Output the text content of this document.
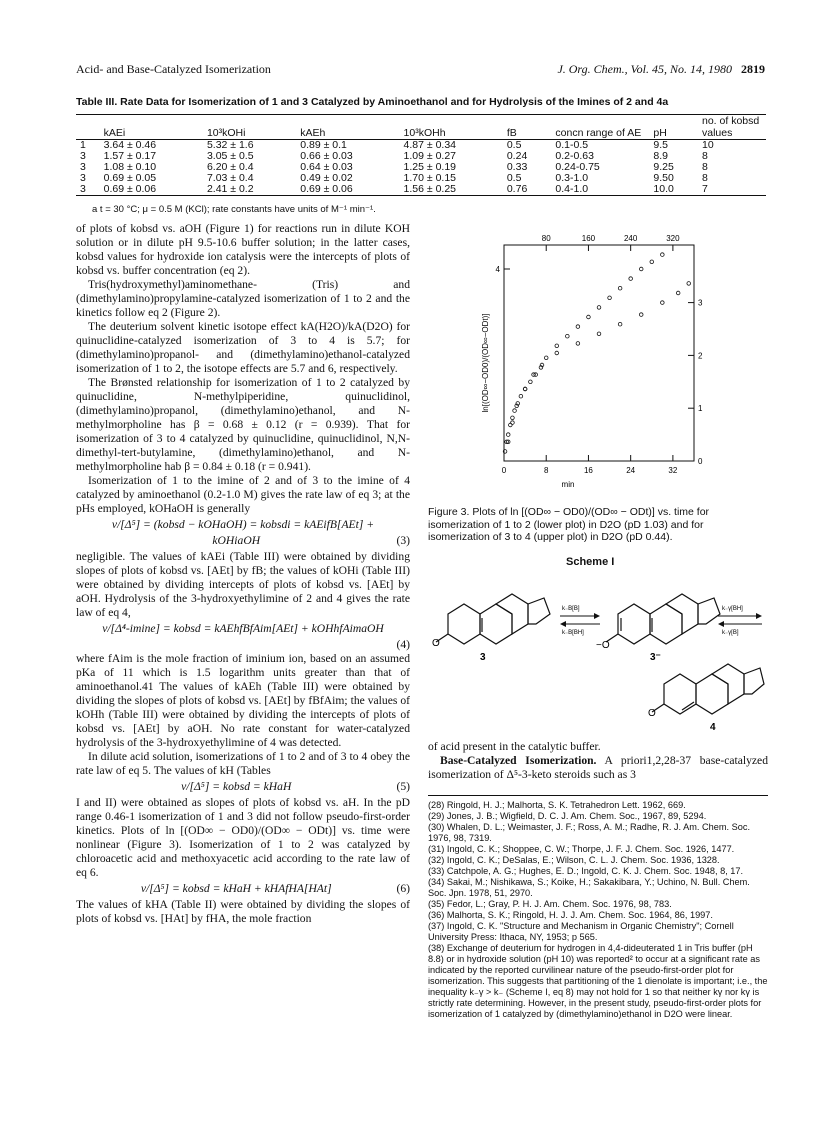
Acid- and Base-Catalyzed Isomerization	J. Org. Chem., Vol. 45, No. 14, 1980 2819
Table III. Rate Data for Isomerization of 1 and 3 Catalyzed by Aminoethanol and for Hydrolysis of the Imines of 2 and 4a
	kAEi	10³kOHi	kAEh	10³kOHh	fB	concn range of AE	pH	no. of kobsd values
1	3.64 ± 0.46	5.32 ± 1.6	0.89 ± 0.1	4.87 ± 0.34	0.5	0.1-0.5	9.5	10
3	1.57 ± 0.17	3.05 ± 0.5	0.66 ± 0.03	1.09 ± 0.27	0.24	0.2-0.63	8.9	8
3	1.08 ± 0.10	6.20 ± 0.4	0.64 ± 0.03	1.25 ± 0.19	0.33	0.24-0.75	9.25	8
3	0.69 ± 0.05	7.03 ± 0.4	0.49 ± 0.02	1.70 ± 0.15	0.5	0.3-1.0	9.50	8
3	0.69 ± 0.06	2.41 ± 0.2	0.69 ± 0.06	1.56 ± 0.25	0.76	0.4-1.0	10.0	7
a t = 30 °C; μ = 0.5 M (KCl); rate constants have units of M⁻¹ min⁻¹.

of plots of kobsd vs. aOH (Figure 1) for reactions run in dilute KOH solution or in dilute pH 9.5-10.6 buffer solution; in the latter cases, kobsd values for hydroxide ion catalysis were the intercepts of plots of kobsd vs. buffer concentration (eq 2).

Tris(hydroxymethyl)aminomethane- (Tris) and (dimethylamino)propylamine-catalyzed isomerization of 1 to 2 and the kinetics follow eq 2 (Figure 2).

The deuterium solvent kinetic isotope effect kA(H2O)/kA(D2O) for quinuclidine-catalyzed isomerization of 3 to 4 is 5.7; for (dimethylamino)propanol- and (dimethylamino)ethanol-catalyzed isomerization of 1 to 2, the isotope effects are 5.7 and 6, respectively.

The Brønsted relationship for isomerization of 1 to 2 catalyzed by quinuclidine, N-methylpiperidine, quinuclidinol, (dimethylamino)propanol, (dimethylamino)ethanol, and N-methylmorpholine has β = 0.68 ± 0.12 (r = 0.939). That for isomerization of 3 to 4 catalyzed by quinuclidine, quinuclidinol, N,N-dimethyl-tert-butylamine, (dimethylamino)ethanol, and N-methylmorpholine hab β = 0.84 ± 0.18 (r = 0.941).

Isomerization of 1 to the imine of 2 and of 3 to the imine of 4 catalyzed by aminoethanol (0.2-1.0 M) gives the rate law of eq 3; at the pHs employed, kOHaOH is generally

v/[Δ⁵] = (kobsd − kOHaOH) = kobsdi = kAEifB[AEt] +
kOHiaOH	(3)

negligible. The values of kAEi (Table III) were obtained by dividing slopes of plots of kobsd vs. [AEt] by fB; the values of kOHi (Table III) were obtained by dividing intercepts of plots of kobsd vs. [AEt] by aOH. Hydrolysis of the 3-hydroxyethylimine of 2 and 4 gives the rate law of eq 4,

v/[Δ⁴-imine] = kobsd = kAEhfBfAim[AEt] + kOHhfAimaOH
(4)

where fAim is the mole fraction of iminium ion, based on an assumed pKa of 11 which is 1.5 logarithm units greater than that of aminoethanol.41 The values of kAEh (Table III) were obtained by dividing the slopes of plots of kobsd vs. [AEt] by fBfAim; the values of kOHh (Table III) were obtained by dividing the intercepts of plots of kobsd vs. [AEt] by aOH. No rate constant for water-catalyzed hydrolysis of the 3-hydroxyethylimine of 4 was detected.

In dilute acid solution, isomerizations of 1 to 2 and of 3 to 4 obey the rate law of eq 5. The values of kH (Tables

v/[Δ⁵] = kobsd = kHaH	(5)

I and II) were obtained as slopes of plots of kobsd vs. aH. In the pD range 0.46-1 isomerization of 1 and 3 did not follow pseudo-first-order kinetics. Plots of ln [(OD∞ − OD0)/(OD∞ − ODt)] vs. time were nonlinear (Figure 3). Isomerization of 1 to 2 was catalyzed by chloroacetic acid and methoxyacetic acid according to the rate law of eq 6.

v/[Δ⁵] = kobsd = kHaH + kHAfHA[HAt]	(6)

The values of kHA (Table II) were obtained by dividing the slopes of plots of kobsd vs. [HAt] by fHA, the mole fraction

0	8	16	24	32
80	160	240	320
4
3
2
1
0
ln[(OD∞−OD0)/(OD∞−ODt)]
min
Figure 3. Plots of ln [(OD∞ − OD0)/(OD∞ − ODt)] vs. time for isomerization of 1 to 2 (lower plot) in D2O (pD 1.03) and for isomerization of 3 to 4 (upper plot) in D2O (pD 0.44).
Scheme I
O
3
k₋B[B]
k₋B[BH]
−O
3⁻
k₋γ[BH]
k₋γ[B]
O
4

of acid present in the catalytic buffer.

Base-Catalyzed Isomerization. A priori1,2,28-37 base-catalyzed isomerization of Δ⁵-3-keto steroids such as 3

(28) Ringold, H. J.; Malhorta, S. K. Tetrahedron Lett. 1962, 669.

(29) Jones, J. B.; Wigfield, D. C. J. Am. Chem. Soc., 1967, 89, 5294.

(30) Whalen, D. L.; Weimaster, J. F.; Ross, A. M.; Radhe, R. J. Am. Chem. Soc. 1976, 98, 7319.

(31) Ingold, C. K.; Shoppee, C. W.; Thorpe, J. F. J. Chem. Soc. 1926, 1477.

(32) Ingold, C. K.; DeSalas, E.; Wilson, C. L. J. Chem. Soc. 1936, 1328.

(33) Catchpole, A. G.; Hughes, E. D.; Ingold, C. K. J. Chem. Soc. 1948, 8, 17.

(34) Sakai, M.; Nishikawa, S.; Koike, H.; Sakakibara, Y.; Uchino, N. Bull. Chem. Soc. Jpn. 1978, 51, 2970.

(35) Fedor, L.; Gray, P. H. J. Am. Chem. Soc. 1976, 98, 783.

(36) Malhorta, S. K.; Ringold, H. J. J. Am. Chem. Soc. 1964, 86, 1997.

(37) Ingold, C. K. "Structure and Mechanism in Organic Chemistry"; Cornell University Press: Ithaca, NY, 1953; p 565.

(38) Exchange of deuterium for hydrogen in 4,4-dideuterated 1 in Tris buffer (pH 8.8) or in hydroxide solution (pH 10) was reported² to occur at a significant rate as indicated by the reported curvilinear nature of the pseudo-first-order plot for isomerization. This suggests that partitioning of the 1 dienolate is important; i.e., the inequality k₋γ > k₋ (Scheme I, eq 8) may not hold for 1 so that neither kγ nor kγ is strictly rate determining. However, in the present study, pseudo-first-order plots for isomerization of 1 catalyzed by (dimethylamino)ethanol in D2O were linear.
